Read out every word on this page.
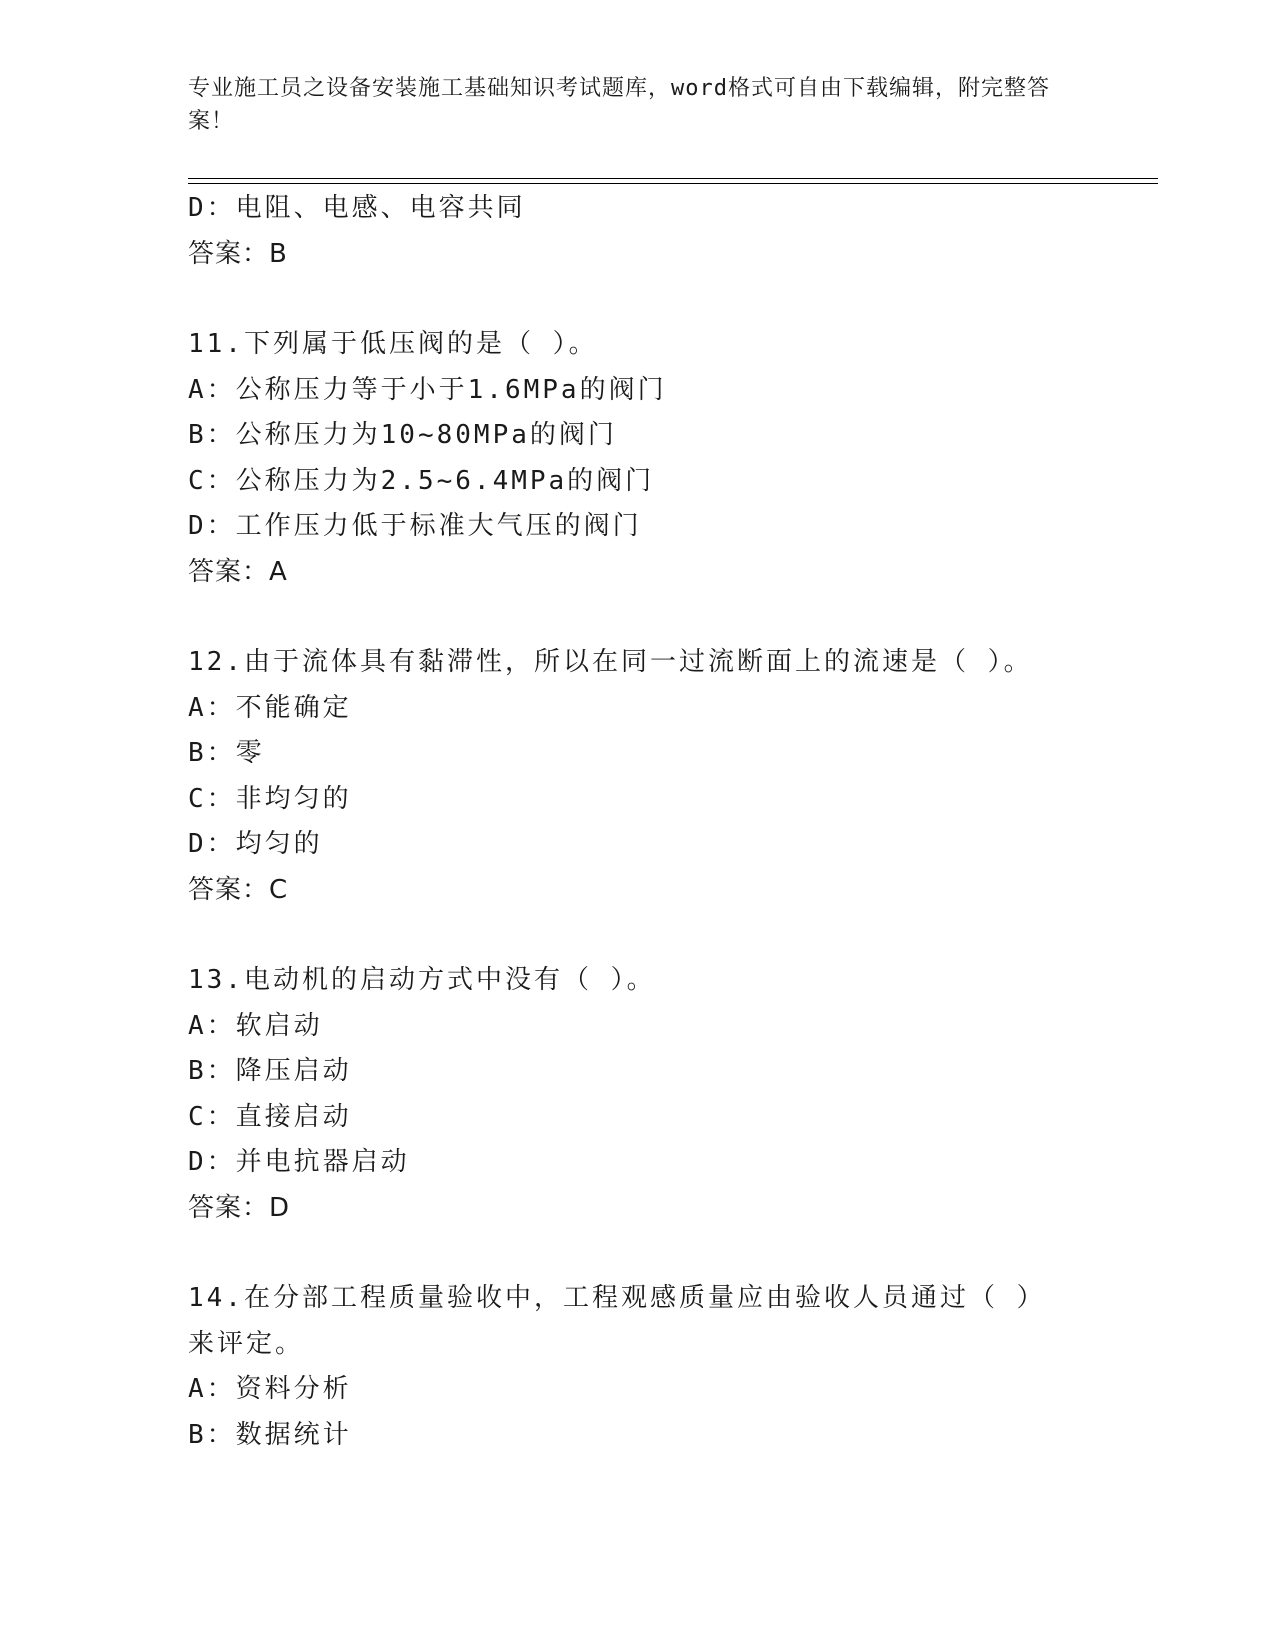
专业施工员之设备安装施工基础知识考试题库，word格式可自由下载编辑，附完整答案！
D：电阻、电感、电容共同
答案：B
11.下列属于低压阀的是（ ）。
A：公称压力等于小于1.6MPa的阀门
B：公称压力为10~80MPa的阀门
C：公称压力为2.5~6.4MPa的阀门
D：工作压力低于标准大气压的阀门
答案：A
12.由于流体具有黏滞性，所以在同一过流断面上的流速是（ ）。
A：不能确定
B：零
C：非均匀的
D：均匀的
答案：C
13.电动机的启动方式中没有（ ）。
A：软启动
B：降压启动
C：直接启动
D：并电抗器启动
答案：D
14.在分部工程质量验收中，工程观感质量应由验收人员通过（ ）来评定。
A：资料分析
B：数据统计
